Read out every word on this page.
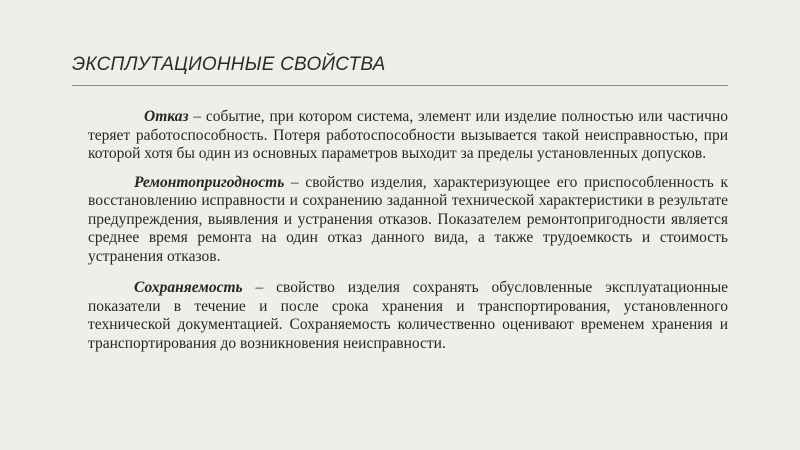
ЭКСПЛУТАЦИОННЫЕ СВОЙСТВА

Отказ – событие, при котором система, элемент или изделие полностью или частично теряет работоспособность. Потеря работоспособности вызывается такой неисправностью, при которой хотя бы один из основных параметров выходит за пределы установленных допусков.

Ремонтопригодность – свойство изделия, характеризующее его приспособленность к восстановлению исправности и сохранению заданной технической характеристики в результате предупреждения, выявления и устранения отказов. Показателем ремонтопригодности является среднее время ремонта на один отказ данного вида, а также трудоемкость и стоимость устранения отказов.

Сохраняемость – свойство изделия сохранять обусловленные эксплуатационные показатели в течение и после срока хранения и транспортирования, установленного технической документацией. Сохраняемость количественно оценивают временем хранения и транспортирования до возникновения неисправности.
